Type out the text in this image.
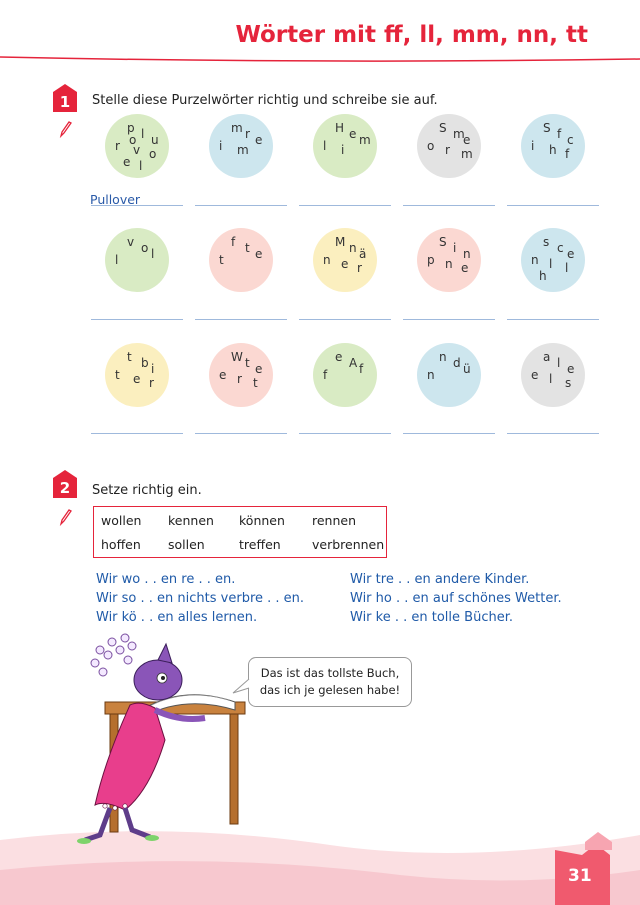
Wörter mit ff, ll, mm, nn, tt
1	Stelle diese Purzelwörter richtig und schreibe sie auf.
p l u
r v o
e l
o
m r e
i m
H e m
l i
S m
e
o r m
S f c
i h f
v o l
l
f t e
t
M n ä
n e r
S i n
p n e
s c e
n l l
h
t b i
t e r
W t e
e r t
e A f
f
n d ü
n
a l e
e l s
Pullover
2	Setze richtig ein.
wollen kennen können rennen
hoffen sollen	treffen	verbrennen
Wir wo . . en re . . en.
Wir so . . en nichts verbre . . en.
Wir kö . . en alles lernen.
Wir tre . . en andere Kinder.
Wir ho . . en auf schönes Wetter.
Wir ke . . en tolle Bücher.
31
Das ist das tollste Buch,
das ich je gelesen habe!
